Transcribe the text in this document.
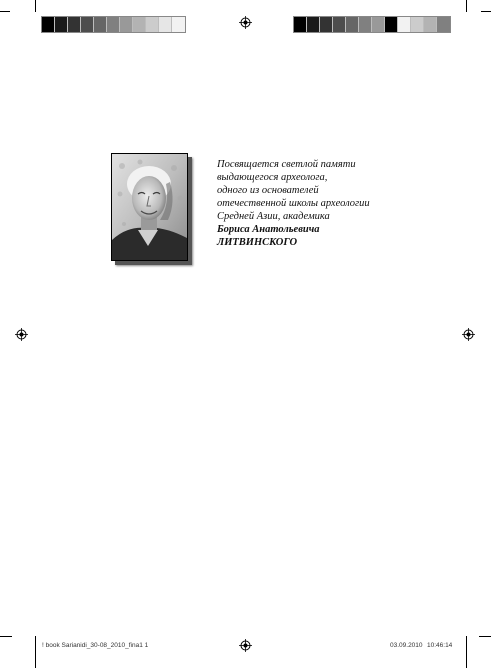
Посвящается светлой памяти
выдающегося археолога,
одного из основателей
отечественной школы археологии
Средней Азии, академика
Бориса Анатольевича
ЛИТВИНСКОГО
! book Sarianidi_30-08_2010_fina1 1	03.09.2010 10:46:14
